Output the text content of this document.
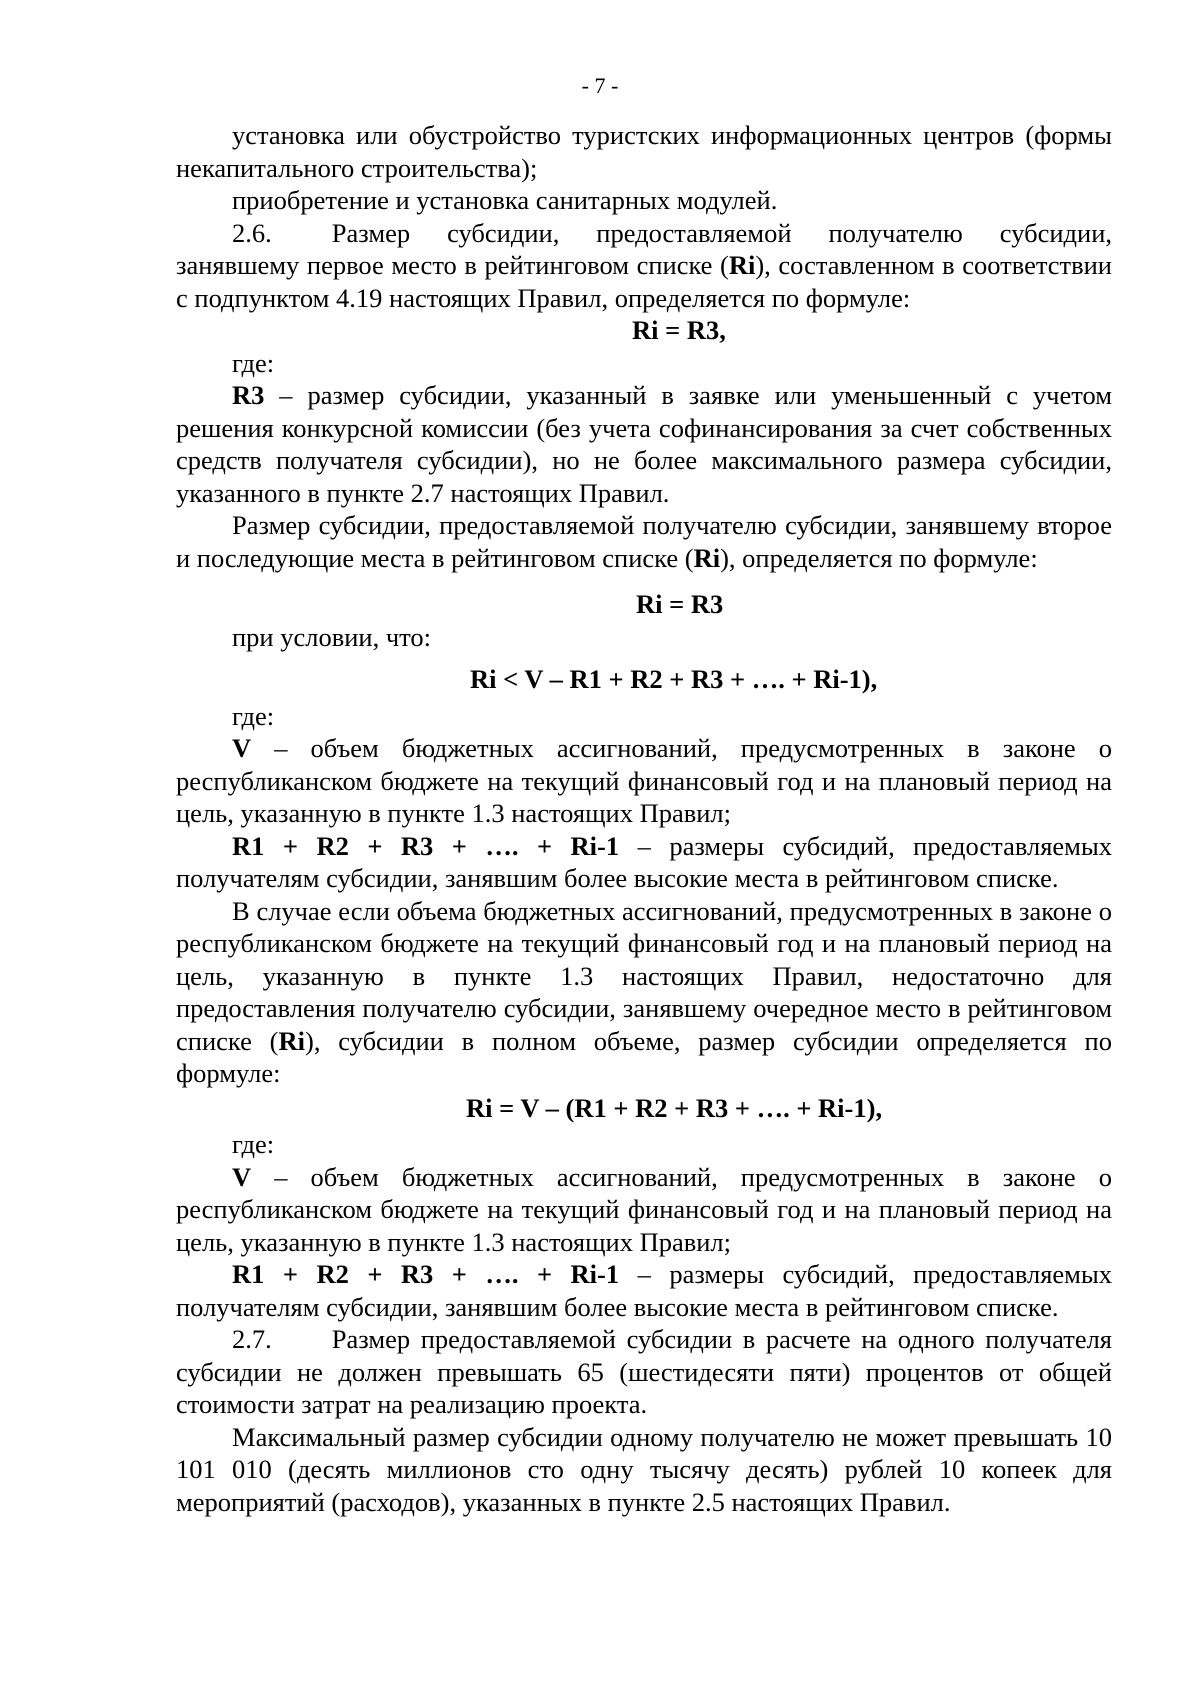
- 7 -

установка или обустройство туристских информационных центров (формы некапитального строительства);

приобретение и установка санитарных модулей.

2.6. Размер субсидии, предоставляемой получателю субсидии, занявшему первое место в рейтинговом списке (Ri), составленном в соответствии с подпунктом 4.19 настоящих Правил, определяется по формуле:

Ri = R3,

где:

R3 – размер субсидии, указанный в заявке или уменьшенный с учетом решения конкурсной комиссии (без учета софинансирования за счет собственных средств получателя субсидии), но не более максимального размера субсидии, указанного в пункте 2.7 настоящих Правил.

Размер субсидии, предоставляемой получателю субсидии, занявшему второе и последующие места в рейтинговом списке (Ri), определяется по формуле:

Ri = R3

при условии, что:

Ri < V – R1 + R2 + R3 + …. + Ri-1),

где:

V – объем бюджетных ассигнований, предусмотренных в законе о республиканском бюджете на текущий финансовый год и на плановый период на цель, указанную в пункте 1.3 настоящих Правил;

R1 + R2 + R3 + …. + Ri-1 – размеры субсидий, предоставляемых получателям субсидии, занявшим более высокие места в рейтинговом списке.

В случае если объема бюджетных ассигнований, предусмотренных в законе о республиканском бюджете на текущий финансовый год и на плановый период на цель, указанную в пункте 1.3 настоящих Правил, недостаточно для предоставления получателю субсидии, занявшему очередное место в рейтинговом списке (Ri), субсидии в полном объеме, размер субсидии определяется по формуле:

Ri = V – (R1 + R2 + R3 + …. + Ri-1),

где:

V – объем бюджетных ассигнований, предусмотренных в законе о республиканском бюджете на текущий финансовый год и на плановый период на цель, указанную в пункте 1.3 настоящих Правил;

R1 + R2 + R3 + …. + Ri-1 – размеры субсидий, предоставляемых получателям субсидии, занявшим более высокие места в рейтинговом списке.

2.7. Размер предоставляемой субсидии в расчете на одного получателя субсидии не должен превышать 65 (шестидесяти пяти) процентов от общей стоимости затрат на реализацию проекта.

Максимальный размер субсидии одному получателю не может превышать 10 101 010 (десять миллионов сто одну тысячу десять) рублей 10 копеек для мероприятий (расходов), указанных в пункте 2.5 настоящих Правил.
